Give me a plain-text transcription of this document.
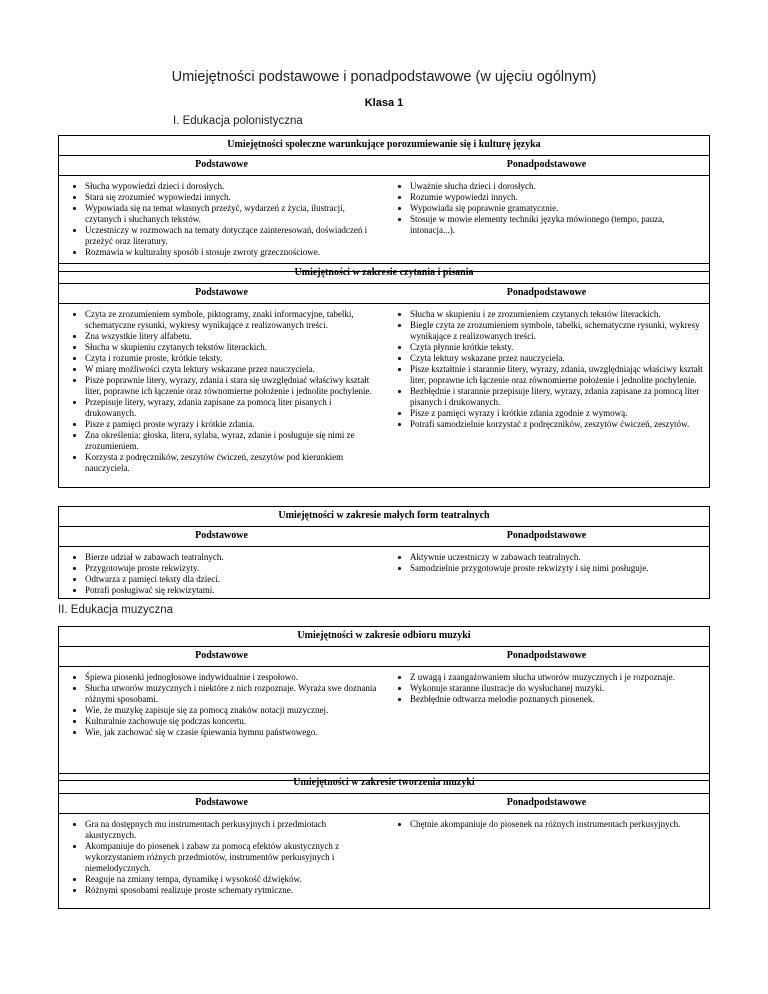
Umiejętności podstawowe i ponadpodstawowe (w ujęciu ogólnym)
Klasa 1
I. Edukacja polonistyczna
Umiejętności społeczne warunkujące porozumiewanie się i kulturę języka

Podstawowe
• Słucha wypowiedzi dzieci i dorosłych.
• Stara się zrozumieć wypowiedzi innych.
• Wypowiada się na temat własnych przeżyć, wydarzeń z życia, ilustracji, czytanych i słuchanych tekstów.
• Uczestniczy w rozmowach na tematy dotyczące zainteresowań, doświadczeń i przeżyć oraz literatury.
• Rozmawia w kulturalny sposób i stosuje zwroty grzecznościowe.

Ponadpodstawowe
• Uważnie słucha dzieci i dorosłych.
• Rozumie wypowiedzi innych.
• Wypowiada się poprawnie gramatycznie.
• Stosuje w mowie elementy techniki języka mówionego (tempo, pauza, intonacja...).
Umiejętności w zakresie czytania i pisania

Podstawowe
• Czyta ze zrozumieniem symbole, piktogramy, znaki informacyjne, tabelki, schematyczne rysunki, wykresy wynikające z realizowanych treści.
• Zna wszystkie litery alfabetu.
• Słucha w skupieniu czytanych tekstów literackich.
• Czyta i rozumie proste, krótkie teksty.
• W miarę możliwości czyta lektury wskazane przez nauczyciela.
• Pisze poprawnie litery, wyrazy, zdania i stara się uwzględniać właściwy kształt liter, poprawne ich łączenie oraz równomierne położenie i jednolite pochylenie.
• Przepisuje litery, wyrazy, zdania zapisane za pomocą liter pisanych i drukowanych.
• Pisze z pamięci proste wyrazy i krótkie zdania.
• Zna określenia: głoska, litera, sylaba, wyraz, zdanie i posługuje się nimi ze zrozumieniem.
• Korzysta z podręczników, zeszytów ćwiczeń, zeszytów pod kierunkiem nauczyciela.

Ponadpodstawowe
• Słucha w skupieniu i ze zrozumieniem czytanych tekstów literackich.
• Biegle czyta ze zrozumieniem symbole, tabelki, schematyczne rysunki, wykresy wynikające z realizowanych treści.
• Czyta płynnie krótkie teksty.
• Czyta lektury wskazane przez nauczyciela.
• Pisze kształtnie i starannie litery, wyrazy, zdania, uwzględniając właściwy kształt liter, poprawne ich łączenie oraz równomierne położenie i jednolite pochylenie.
• Bezbłędnie i starannie przepisuje litery, wyrazy, zdania zapisane za pomocą liter pisanych i drukowanych.
• Pisze z pamięci wyrazy i krótkie zdania zgodnie z wymową.
• Potrafi samodzielnie korzystać z podręczników, zeszytów ćwiczeń, zeszytów.
Umiejętności w zakresie małych form teatralnych

Podstawowe
• Bierze udział w zabawach teatralnych.
• Przygotowuje proste rekwizyty.
• Odtwarza z pamięci teksty dla dzieci.
• Potrafi posługiwać się rekwizytami.

Ponadpodstawowe
• Aktywnie uczestniczy w zabawach teatralnych.
• Samodzielnie przygotowuje proste rekwizyty i się nimi posługuje.
II. Edukacja muzyczna
Umiejętności w zakresie odbioru muzyki

Podstawowe
• Śpiewa piosenki jednogłosowe indywidualnie i zespołowo.
• Słucha utworów muzycznych i niektóre z nich rozpoznaje. Wyraża swe doznania różnymi sposobami.
• Wie, że muzykę zapisuje się za pomocą znaków notacji muzycznej.
• Kulturalnie zachowuje się podczas koncertu.
• Wie, jak zachować się w czasie śpiewania hymnu państwowego.

Ponadpodstawowe
• Z uwagą i zaangażowaniem słucha utworów muzycznych i je rozpoznaje.
• Wykonuje staranne ilustracje do wysłuchanej muzyki.
• Bezbłędnie odtwarza melodie poznanych piosenek.
Umiejętności w zakresie tworzenia muzyki

Podstawowe
• Gra na dostępnych mu instrumentach perkusyjnych i przedmiotach akustycznych.
• Akompaniuje do piosenek i zabaw za pomocą efektów akustycznych z wykorzystaniem różnych przedmiotów, instrumentów perkusyjnych i niemelodycznych.
• Reaguje na zmiany tempa, dynamikę i wysokość dźwięków.
• Różnymi sposobami realizuje proste schematy rytmiczne.

Ponadpodstawowe
• Chętnie akompaniuje do piosenek na różnych instrumentach perkusyjnych.
